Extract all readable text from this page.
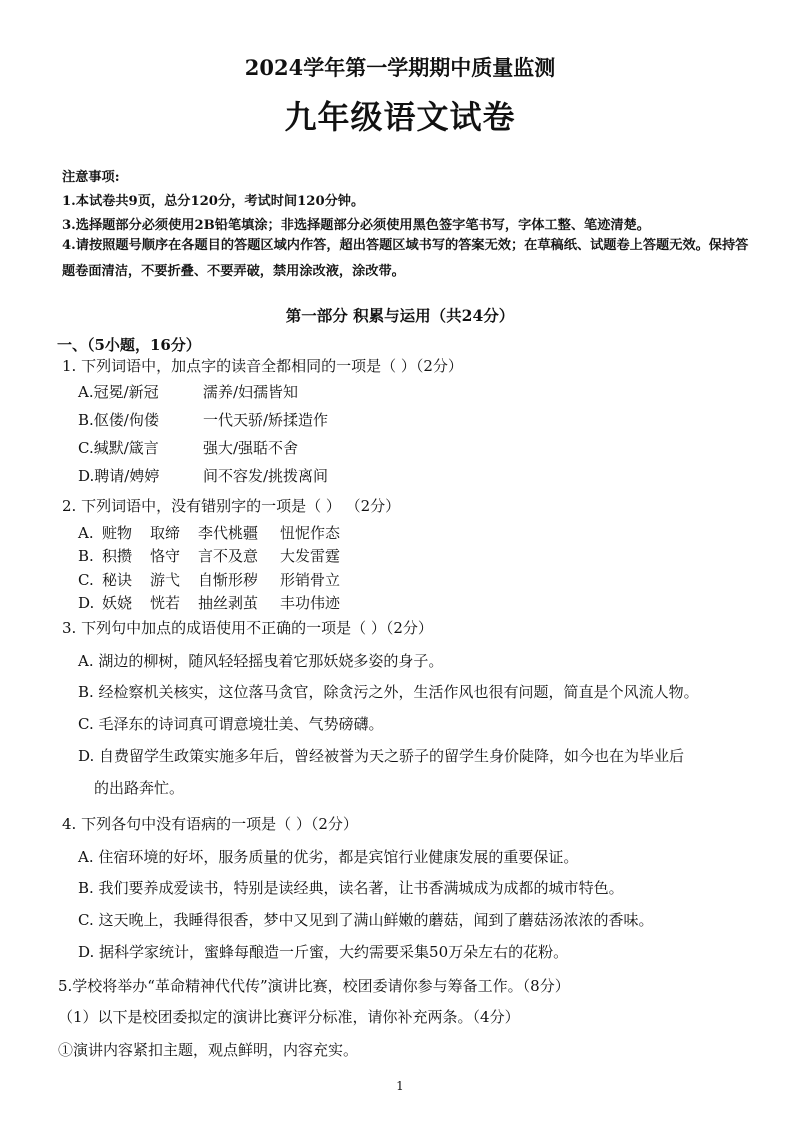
2024学年第一学期期中质量监测
九年级语文试卷
注意事项:
1.本试卷共9页，总分120分，考试时间120分钟。
3.选择题部分必须使用2B铅笔填涂；非选择题部分必须使用黑色签字笔书写，字体工整、笔迹清楚。
4.请按照题号顺序在各题目的答题区域内作答，超出答题区域书写的答案无效；在草稿纸、试题卷上答题无效。保持答题卷面清洁，不要折叠、不要弄破，禁用涂改液，涂改带。
第一部分 积累与运用（共24分）
一、（5小题，16分）
1. 下列词语中，加点字的读音全都相同的一项是（ ）（2分）
A.冠冕/新冠	濡养/妇孺皆知
B.伛偻/佝偻	一代天骄/矫揉造作
C.缄默/箴言	强大/强聒不舍
D.聘请/娉婷	间不容发/挑拨离间
2. 下列词语中，没有错别字的一项是（ ） （2分）
A. 赃物 取缔 李代桃疆 忸怩作态
B. 积攒 恪守 言不及意 大发雷霆
C. 秘诀 游弋 自惭形秽 形销骨立
D. 妖娆 恍若 抽丝剥茧 丰功伟迹
3. 下列句中加点的成语使用不正确的一项是（ ）（2分）
A. 湖边的柳树，随风轻轻摇曳着它那妖娆多姿的身子。
B. 经检察机关核实，这位落马贪官，除贪污之外，生活作风也很有问题，简直是个风流人物。
C. 毛泽东的诗词真可谓意境壮美、气势磅礴。
D. 自费留学生政策实施多年后，曾经被誉为天之骄子的留学生身价陡降，如今也在为毕业后
的出路奔忙。
4. 下列各句中没有语病的一项是（ ）（2分）
A. 住宿环境的好坏，服务质量的优劣，都是宾馆行业健康发展的重要保证。
B. 我们要养成爱读书，特别是读经典，读名著，让书香满城成为成都的城市特色。
C. 这天晚上，我睡得很香，梦中又见到了满山鲜嫩的蘑菇，闻到了蘑菇汤浓浓的香味。
D. 据科学家统计，蜜蜂每酿造一斤蜜，大约需要采集50万朵左右的花粉。
5.学校将举办“革命精神代代传”演讲比赛，校团委请你参与筹备工作。（8分）
（1）以下是校团委拟定的演讲比赛评分标准，请你补充两条。（4分）
①演讲内容紧扣主题，观点鲜明，内容充实。
1
